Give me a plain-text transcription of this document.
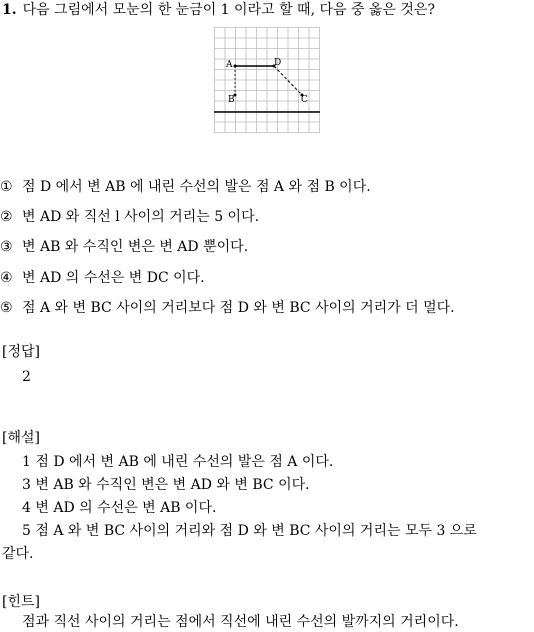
1. 다음 그림에서 모눈의 한 눈금이 1 이라고 할 때, 다음 중 옳은 것은?
A	D
B	C
① 점 D 에서 변 AB 에 내린 수선의 발은 점 A 와 점 B 이다.
② 변 AD 와 직선 l 사이의 거리는 5 이다.
③ 변 AB 와 수직인 변은 변 AD 뿐이다.
④ 변 AD 의 수선은 변 DC 이다.
⑤ 점 A 와 변 BC 사이의 거리보다 점 D 와 변 BC 사이의 거리가 더 멀다.
[정답]
2
[해설]
1 점 D 에서 변 AB 에 내린 수선의 발은 점 A 이다.
3 변 AB 와 수직인 변은 변 AD 와 변 BC 이다.
4 변 AD 의 수선은 변 AB 이다.
5 점 A 와 변 BC 사이의 거리와 점 D 와 변 BC 사이의 거리는 모두 3 으로
같다.
[힌트]
점과 직선 사이의 거리는 점에서 직선에 내린 수선의 발까지의 거리이다.
